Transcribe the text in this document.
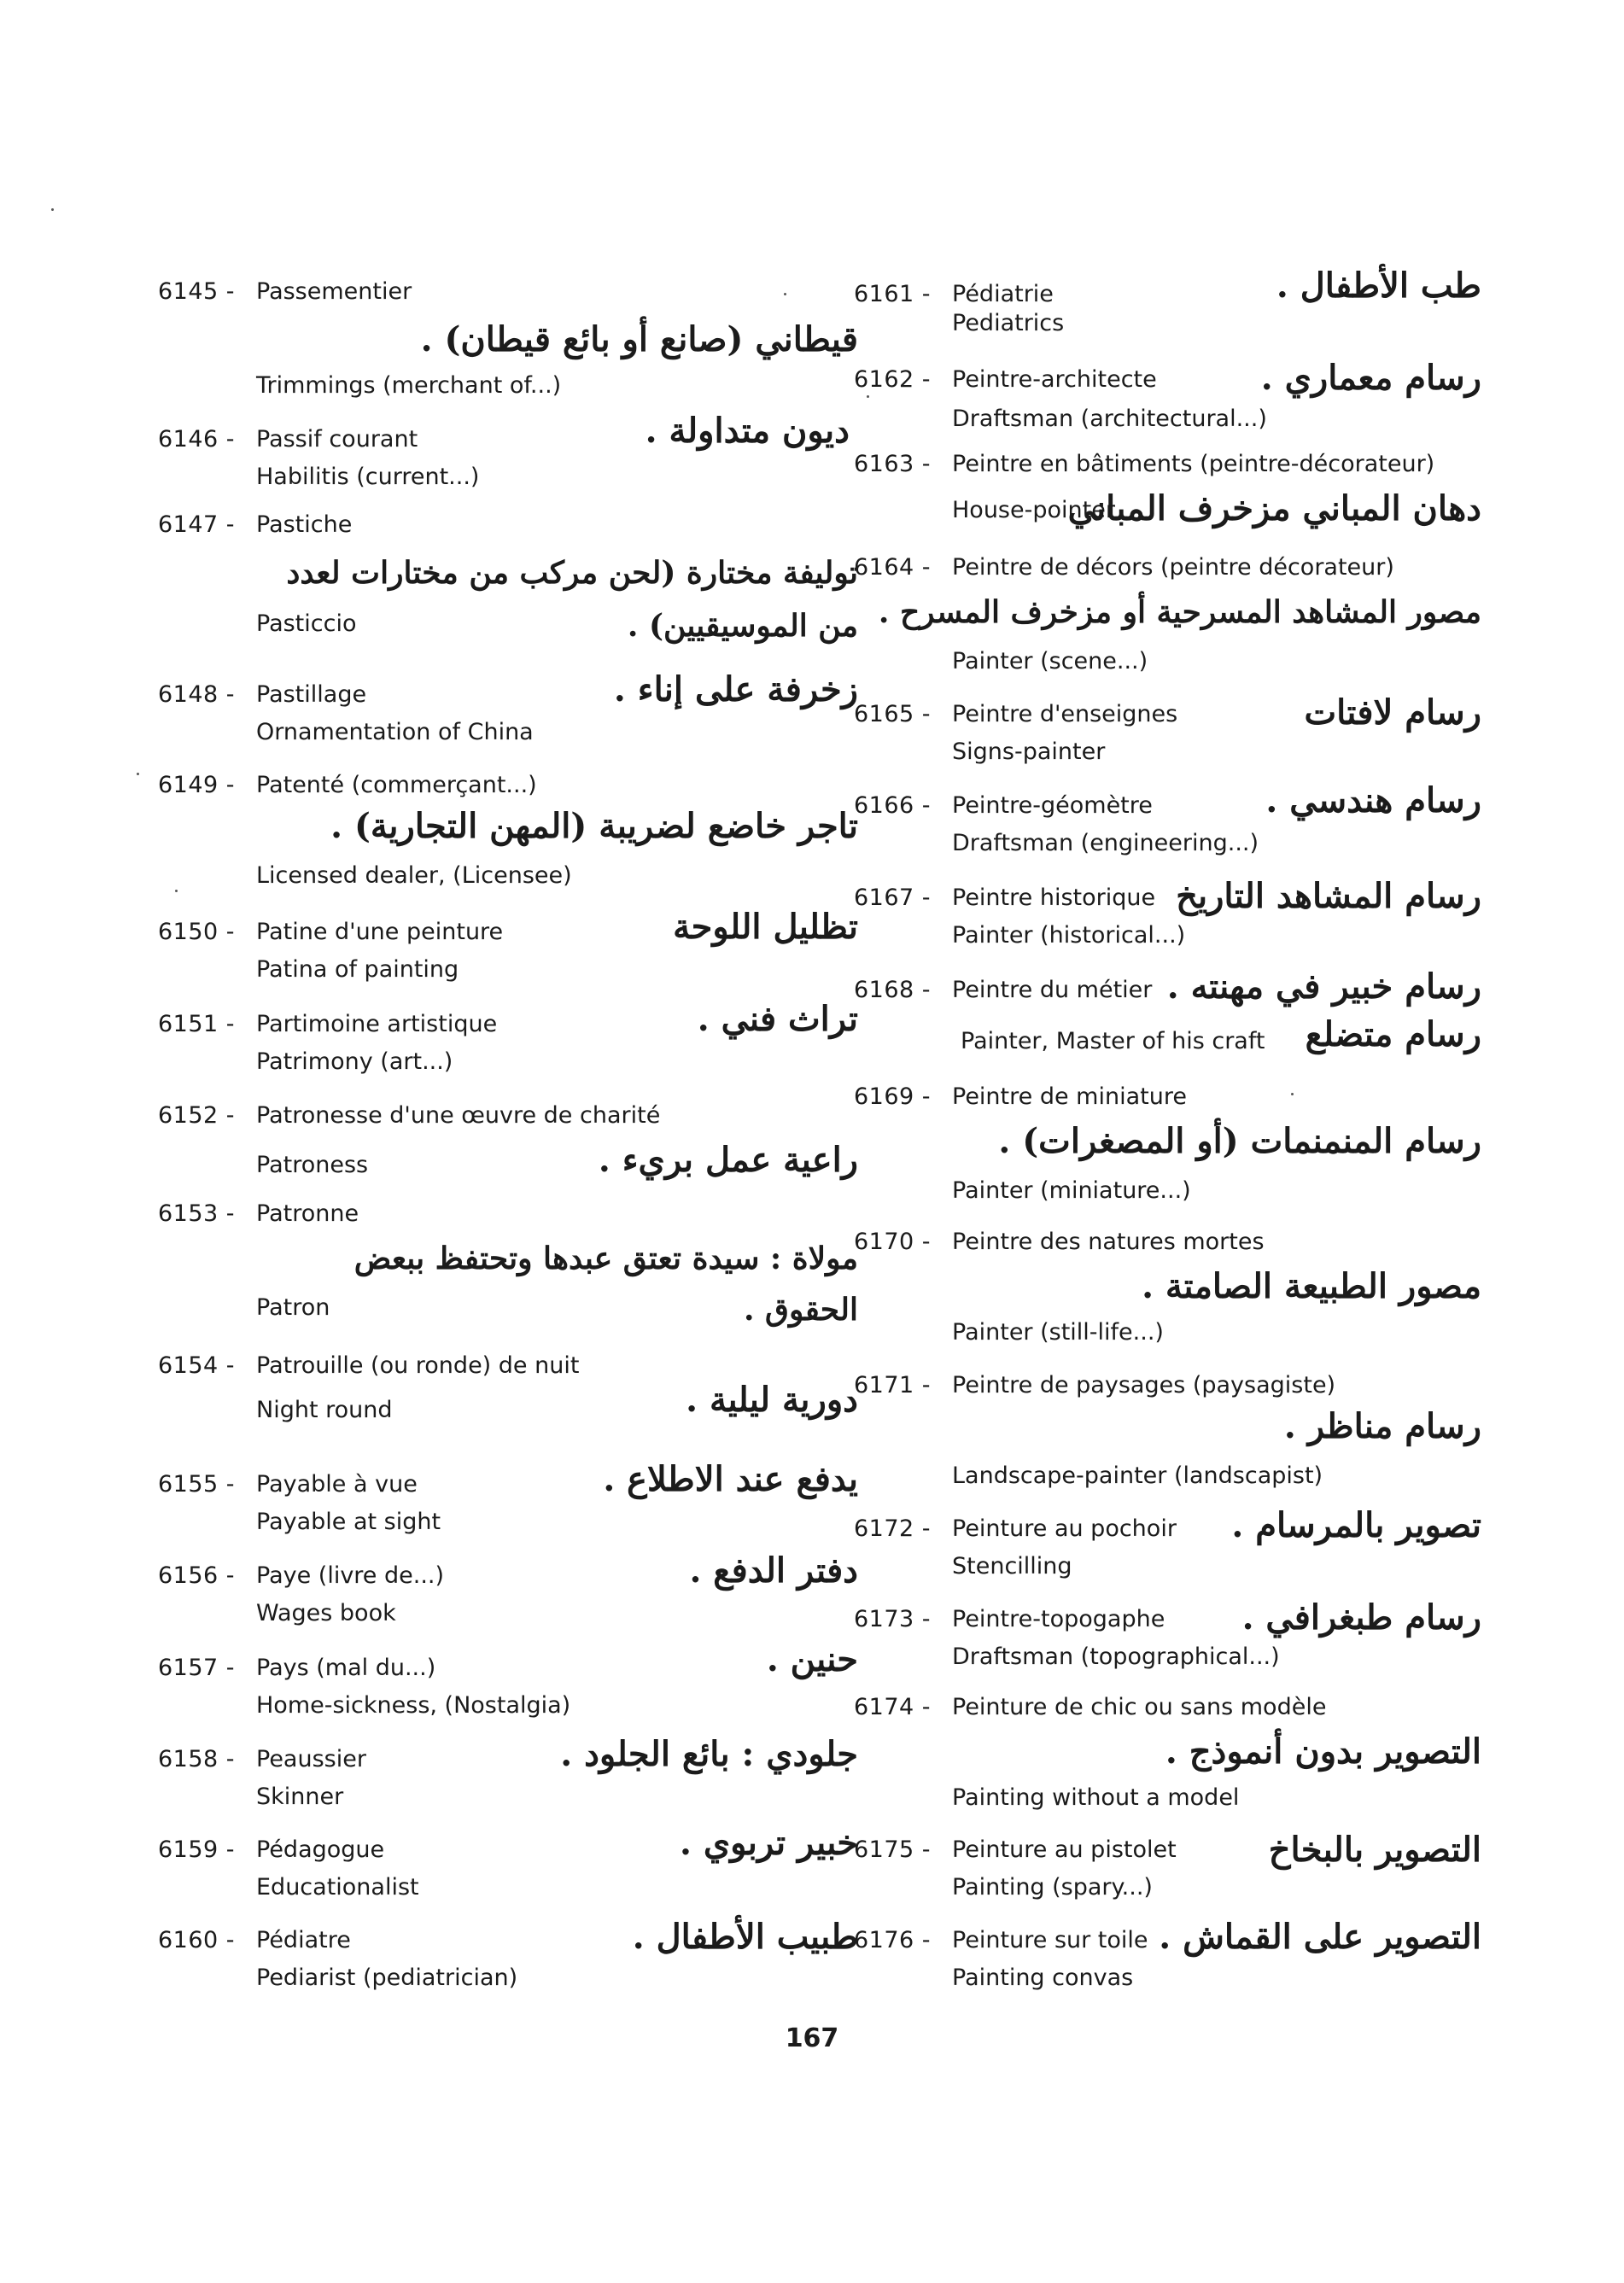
6145 - Passementier
قيطاني (صانع أو بائع قيطان) .
Trimmings (merchant of...)
6146 - Passif courant	ديون متداولة .
Habilitis (current...)
6147 - Pastiche
توليفة مختارة (لحن مركب من مختارات لعدد
من الموسيقيين) .
Pasticcio
6148 - Pastillage	زخرفة على إناء .
Ornamentation of China
6149 - Patenté (commerçant...)
تاجر خاضع لضريبة (المهن التجارية) .
Licensed dealer, (Licensee)
6150 - Patine d'une peinture	تظليل اللوحة
Patina of painting
6151 - Partimoine artistique	تراث فني .
Patrimony (art...)
6152 - Patronesse d'une œuvre de charité
راعية عمل بريء .
Patroness
6153 - Patronne
مولاة : سيدة تعتق عبدها وتحتفظ ببعض
الحقوق .
Patron
6154 - Patrouille (ou ronde) de nuit
دورية ليلية .
Night round
6155 - Payable à vue	يدفع عند الاطلاع .
Payable at sight
6156 - Paye (livre de...)	دفتر الدفع .
Wages book
6157 - Pays (mal du...)	حنين .
Home-sickness, (Nostalgia)
6158 - Peaussier	جلودي : بائع الجلود .
Skinner
6159 - Pédagogue	خبير تربوي .
Educationalist
6160 - Pédiatre	طبيب الأطفال .
Pediarist (pediatrician)
6161 - Pédiatrie	طب الأطفال .
Pediatrics
6162 - Peintre-architecte	رسام معماري .
Draftsman (architectural...)
6163 - Peintre en bâtiments (peintre-décorateur)
دهان المباني مزخرف المباني
House-pointer
6164 - Peintre de décors (peintre décorateur)
مصور المشاهد المسرحية أو مزخرف المسرح .
Painter (scene...)
6165 - Peintre d'enseignes	رسام لافتات
Signs-painter
6166 - Peintre-géomètre	رسام هندسي .
Draftsman (engineering...)
6167 - Peintre historique رسام المشاهد التاريخ
Painter (historical...)
6168 - Peintre du métier رسام خبير في مهنته .
رسام متضلع
Painter, Master of his craft
6169 - Peintre de miniature
رسام المنمنمات (أو المصغرات) .
Painter (miniature...)
6170 - Peintre des natures mortes
مصور الطبيعة الصامتة .
Painter (still-life...)
6171 - Peintre de paysages (paysagiste)
رسام مناظر .
Landscape-painter (landscapist)
6172 - Peinture au pochoir تصوير بالمرسام .
Stencilling
6173 - Peintre-topogaphe رسام طبغرافي .
Draftsman (topographical...)
6174 - Peinture de chic ou sans modèle
التصوير بدون أنموذج .
Painting without a model
6175 - Peinture au pistolet	التصوير بالبخاخ
Painting (spary...)
6176 - Peinture sur toile التصوير على القماش .
Painting convas
167
